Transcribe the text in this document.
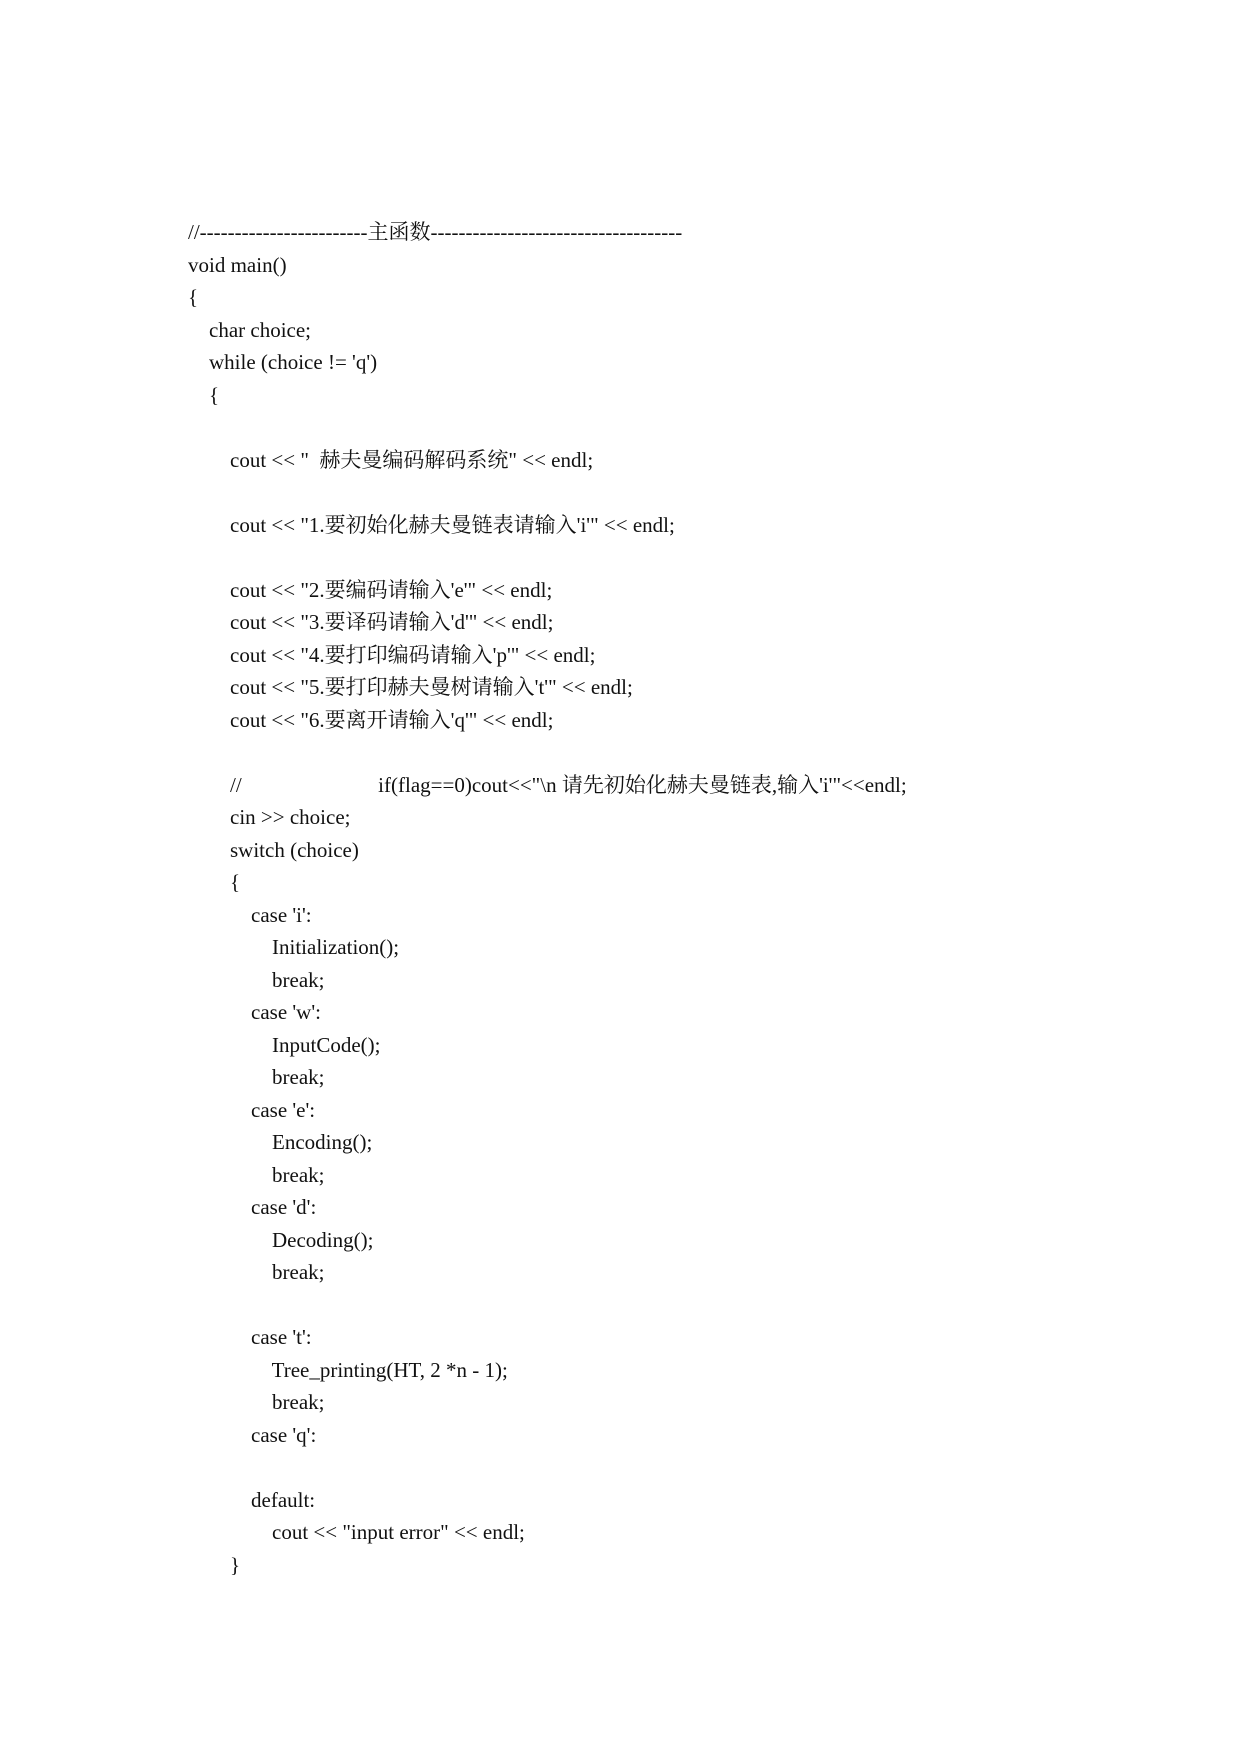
//------------------------主函数------------------------------------
void main()
{
char choice;
while (choice != 'q')
{
cout << "  赫夫曼编码解码系统" << endl;
cout << "1.要初始化赫夫曼链表请输入'i'" << endl;
cout << "2.要编码请输入'e'" << endl;
cout << "3.要译码请输入'd'" << endl;
cout << "4.要打印编码请输入'p'" << endl;
cout << "5.要打印赫夫曼树请输入't'" << endl;
cout << "6.要离开请输入'q'" << endl;
//                          if(flag==0)cout<<"\n 请先初始化赫夫曼链表,输入'i'"<<endl;
cin >> choice;
switch (choice)
{
case 'i':
Initialization();
break;
case 'w':
InputCode();
break;
case 'e':
Encoding();
break;
case 'd':
Decoding();
break;
case 't':
Tree_printing(HT, 2 *n - 1);
break;
case 'q':
default:
cout << "input error" << endl;
}
